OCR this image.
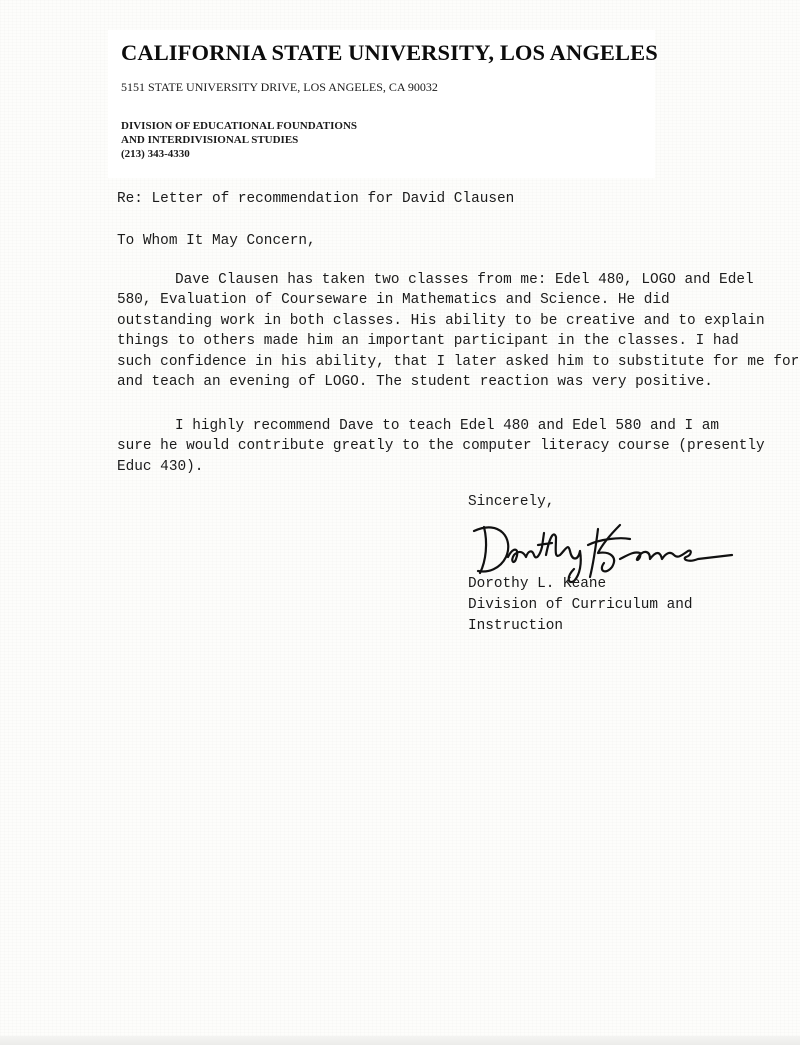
CALIFORNIA STATE UNIVERSITY, LOS ANGELES
5151 STATE UNIVERSITY DRIVE, LOS ANGELES, CA 90032
DIVISION OF EDUCATIONAL FOUNDATIONS
AND INTERDIVISIONAL STUDIES
(213) 343-4330
Re: Letter of recommendation for David Clausen
To Whom It May Concern,
Dave Clausen has taken two classes from me: Edel 480, LOGO and Edel
580, Evaluation of Courseware in Mathematics and Science. He did
outstanding work in both classes. His ability to be creative and to explain
things to others made him an important participant in the classes. I had
such confidence in his ability, that I later asked him to substitute for me for
and teach an evening of LOGO. The student reaction was very positive.
I highly recommend Dave to teach Edel 480 and Edel 580 and I am
sure he would contribute greatly to the computer literacy course (presently
Educ 430).
Sincerely,
Dorothy L. Keane
Division of Curriculum and
Instruction
